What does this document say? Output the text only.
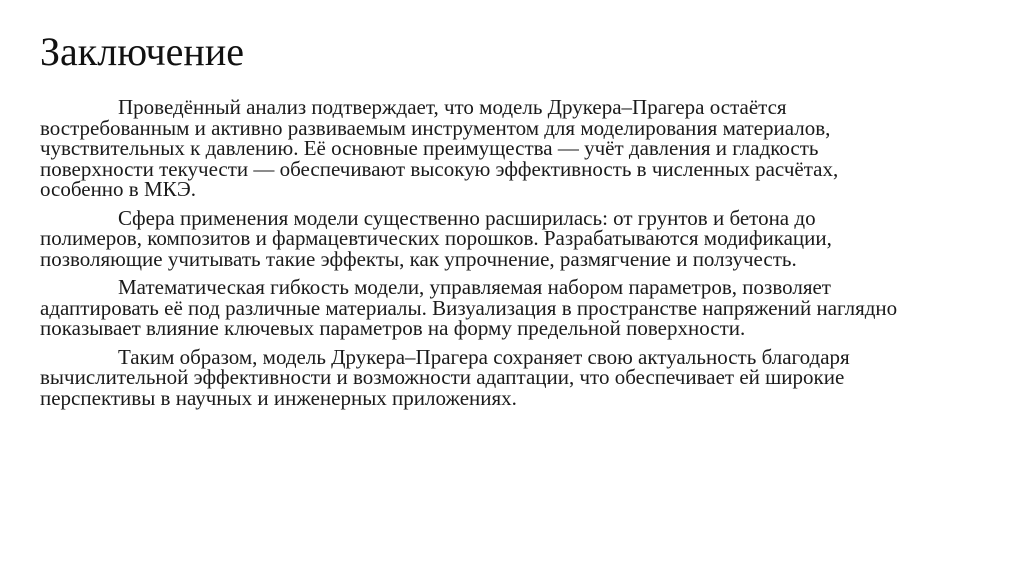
Заключение

Проведённый анализ подтверждает, что модель Друкера–Прагера остаётся востребованным и активно развиваемым инструментом для моделирования материалов, чувствительных к давлению. Её основные преимущества — учёт давления и гладкость поверхности текучести — обеспечивают высокую эффективность в численных расчётах, особенно в МКЭ.

Сфера применения модели существенно расширилась: от грунтов и бетона до полимеров, композитов и фармацевтических порошков. Разрабатываются модификации, позволяющие учитывать такие эффекты, как упрочнение, размягчение и ползучесть.

Математическая гибкость модели, управляемая набором параметров, позволяет адаптировать её под различные материалы. Визуализация в пространстве напряжений наглядно показывает влияние ключевых параметров на форму предельной поверхности.

Таким образом, модель Друкера–Прагера сохраняет свою актуальность благодаря вычислительной эффективности и возможности адаптации, что обеспечивает ей широкие перспективы в научных и инженерных приложениях.
